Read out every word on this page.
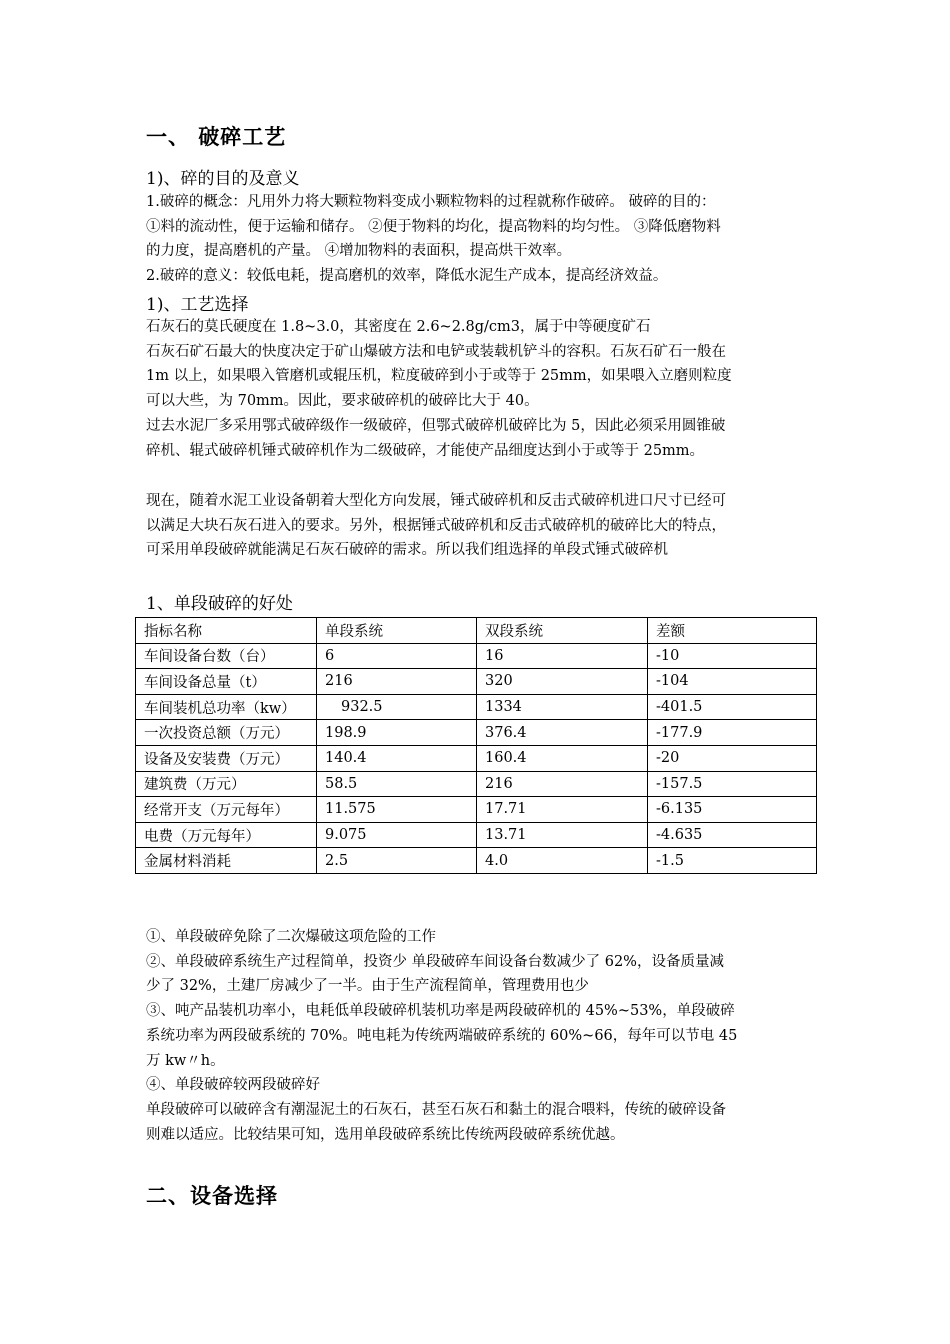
一、 破碎工艺
1)、碎的目的及意义
1.破碎的概念：凡用外力将大颗粒物料变成小颗粒物料的过程就称作破碎。 破碎的目的：
①料的流动性，便于运输和储存。 ②便于物料的均化，提高物料的均匀性。 ③降低磨物料
的力度，提高磨机的产量。 ④增加物料的表面积，提高烘干效率。
2.破碎的意义：较低电耗，提高磨机的效率，降低水泥生产成本，提高经济效益。
1)、工艺选择
石灰石的莫氏硬度在 1.8~3.0，其密度在 2.6~2.8g/cm3，属于中等硬度矿石
石灰石矿石最大的快度决定于矿山爆破方法和电铲或装载机铲斗的容积。石灰石矿石一般在
1m 以上，如果喂入管磨机或辊压机，粒度破碎到小于或等于 25mm，如果喂入立磨则粒度
可以大些，为 70mm。因此，要求破碎机的破碎比大于 40。
过去水泥厂多采用鄂式破碎级作一级破碎，但鄂式破碎机破碎比为 5，因此必须采用圆锥破
碎机、辊式破碎机锤式破碎机作为二级破碎，才能使产品细度达到小于或等于 25mm。
现在，随着水泥工业设备朝着大型化方向发展，锤式破碎机和反击式破碎机进口尺寸已经可
以满足大块石灰石进入的要求。另外，根据锤式破碎机和反击式破碎机的破碎比大的特点，
可采用单段破碎就能满足石灰石破碎的需求。所以我们组选择的单段式锤式破碎机
1、单段破碎的好处
指标名称	单段系统	双段系统	差额
车间设备台数（台）	6	16	-10
车间设备总量（t）	216	320	-104
车间装机总功率（kw）	932.5	1334	-401.5
一次投资总额（万元）	198.9	376.4	-177.9
设备及安装费（万元）	140.4	160.4	-20
建筑费（万元）	58.5	216	-157.5
经常开支（万元每年）	11.575	17.71	-6.135
电费（万元每年）	9.075	13.71	-4.635
金属材料消耗	2.5	4.0	-1.5
①、单段破碎免除了二次爆破这项危险的工作
②、单段破碎系统生产过程简单，投资少 单段破碎车间设备台数减少了 62%，设备质量减
少了 32%，土建厂房减少了一半。由于生产流程简单，管理费用也少
③、吨产品装机功率小，电耗低单段破碎机装机功率是两段破碎机的 45%~53%，单段破碎
系统功率为两段破系统的 70%。吨电耗为传统两端破碎系统的 60%~66，每年可以节电 45
万 kw〃h。
④、单段破碎较两段破碎好
单段破碎可以破碎含有潮湿泥土的石灰石，甚至石灰石和黏土的混合喂料，传统的破碎设备
则难以适应。比较结果可知，选用单段破碎系统比传统两段破碎系统优越。
二、设备选择
